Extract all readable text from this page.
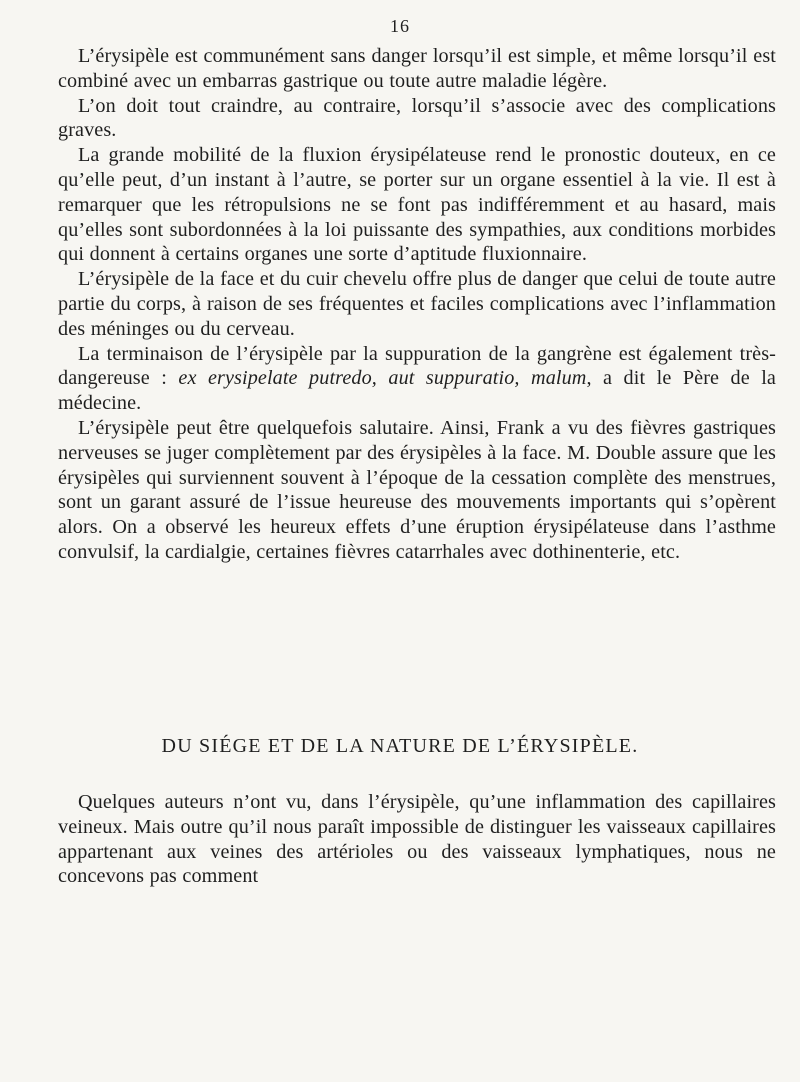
16

L’érysipèle est communément sans danger lorsqu’il est simple, et même lorsqu’il est combiné avec un embarras gastrique ou toute autre maladie légère.

L’on doit tout craindre, au contraire, lorsqu’il s’associe avec des complications graves.

La grande mobilité de la fluxion érysipélateuse rend le pronostic douteux, en ce qu’elle peut, d’un instant à l’autre, se porter sur un organe essentiel à la vie. Il est à remarquer que les rétropulsions ne se font pas indifféremment et au hasard, mais qu’elles sont subordonnées à la loi puissante des sympathies, aux conditions morbides qui donnent à certains organes une sorte d’aptitude fluxionnaire.

L’érysipèle de la face et du cuir chevelu offre plus de danger que celui de toute autre partie du corps, à raison de ses fréquentes et faciles complications avec l’inflammation des méninges ou du cerveau.

La terminaison de l’érysipèle par la suppuration de la gangrène est également très-dangereuse : ex erysipelate putredo, aut suppuratio, malum, a dit le Père de la médecine.

L’érysipèle peut être quelquefois salutaire. Ainsi, Frank a vu des fièvres gastriques nerveuses se juger complètement par des érysipèles à la face. M. Double assure que les érysipèles qui surviennent souvent à l’époque de la cessation complète des menstrues, sont un garant assuré de l’issue heureuse des mouvements importants qui s’opèrent alors. On a observé les heureux effets d’une éruption érysipélateuse dans l’asthme convulsif, la cardialgie, certaines fièvres catarrhales avec dothinenterie, etc.

DU SIÉGE ET DE LA NATURE DE L’ÉRYSIPÈLE.

Quelques auteurs n’ont vu, dans l’érysipèle, qu’une inflammation des capillaires veineux. Mais outre qu’il nous paraît impossible de distinguer les vaisseaux capillaires appartenant aux veines des artérioles ou des vaisseaux lymphatiques, nous ne concevons pas comment
